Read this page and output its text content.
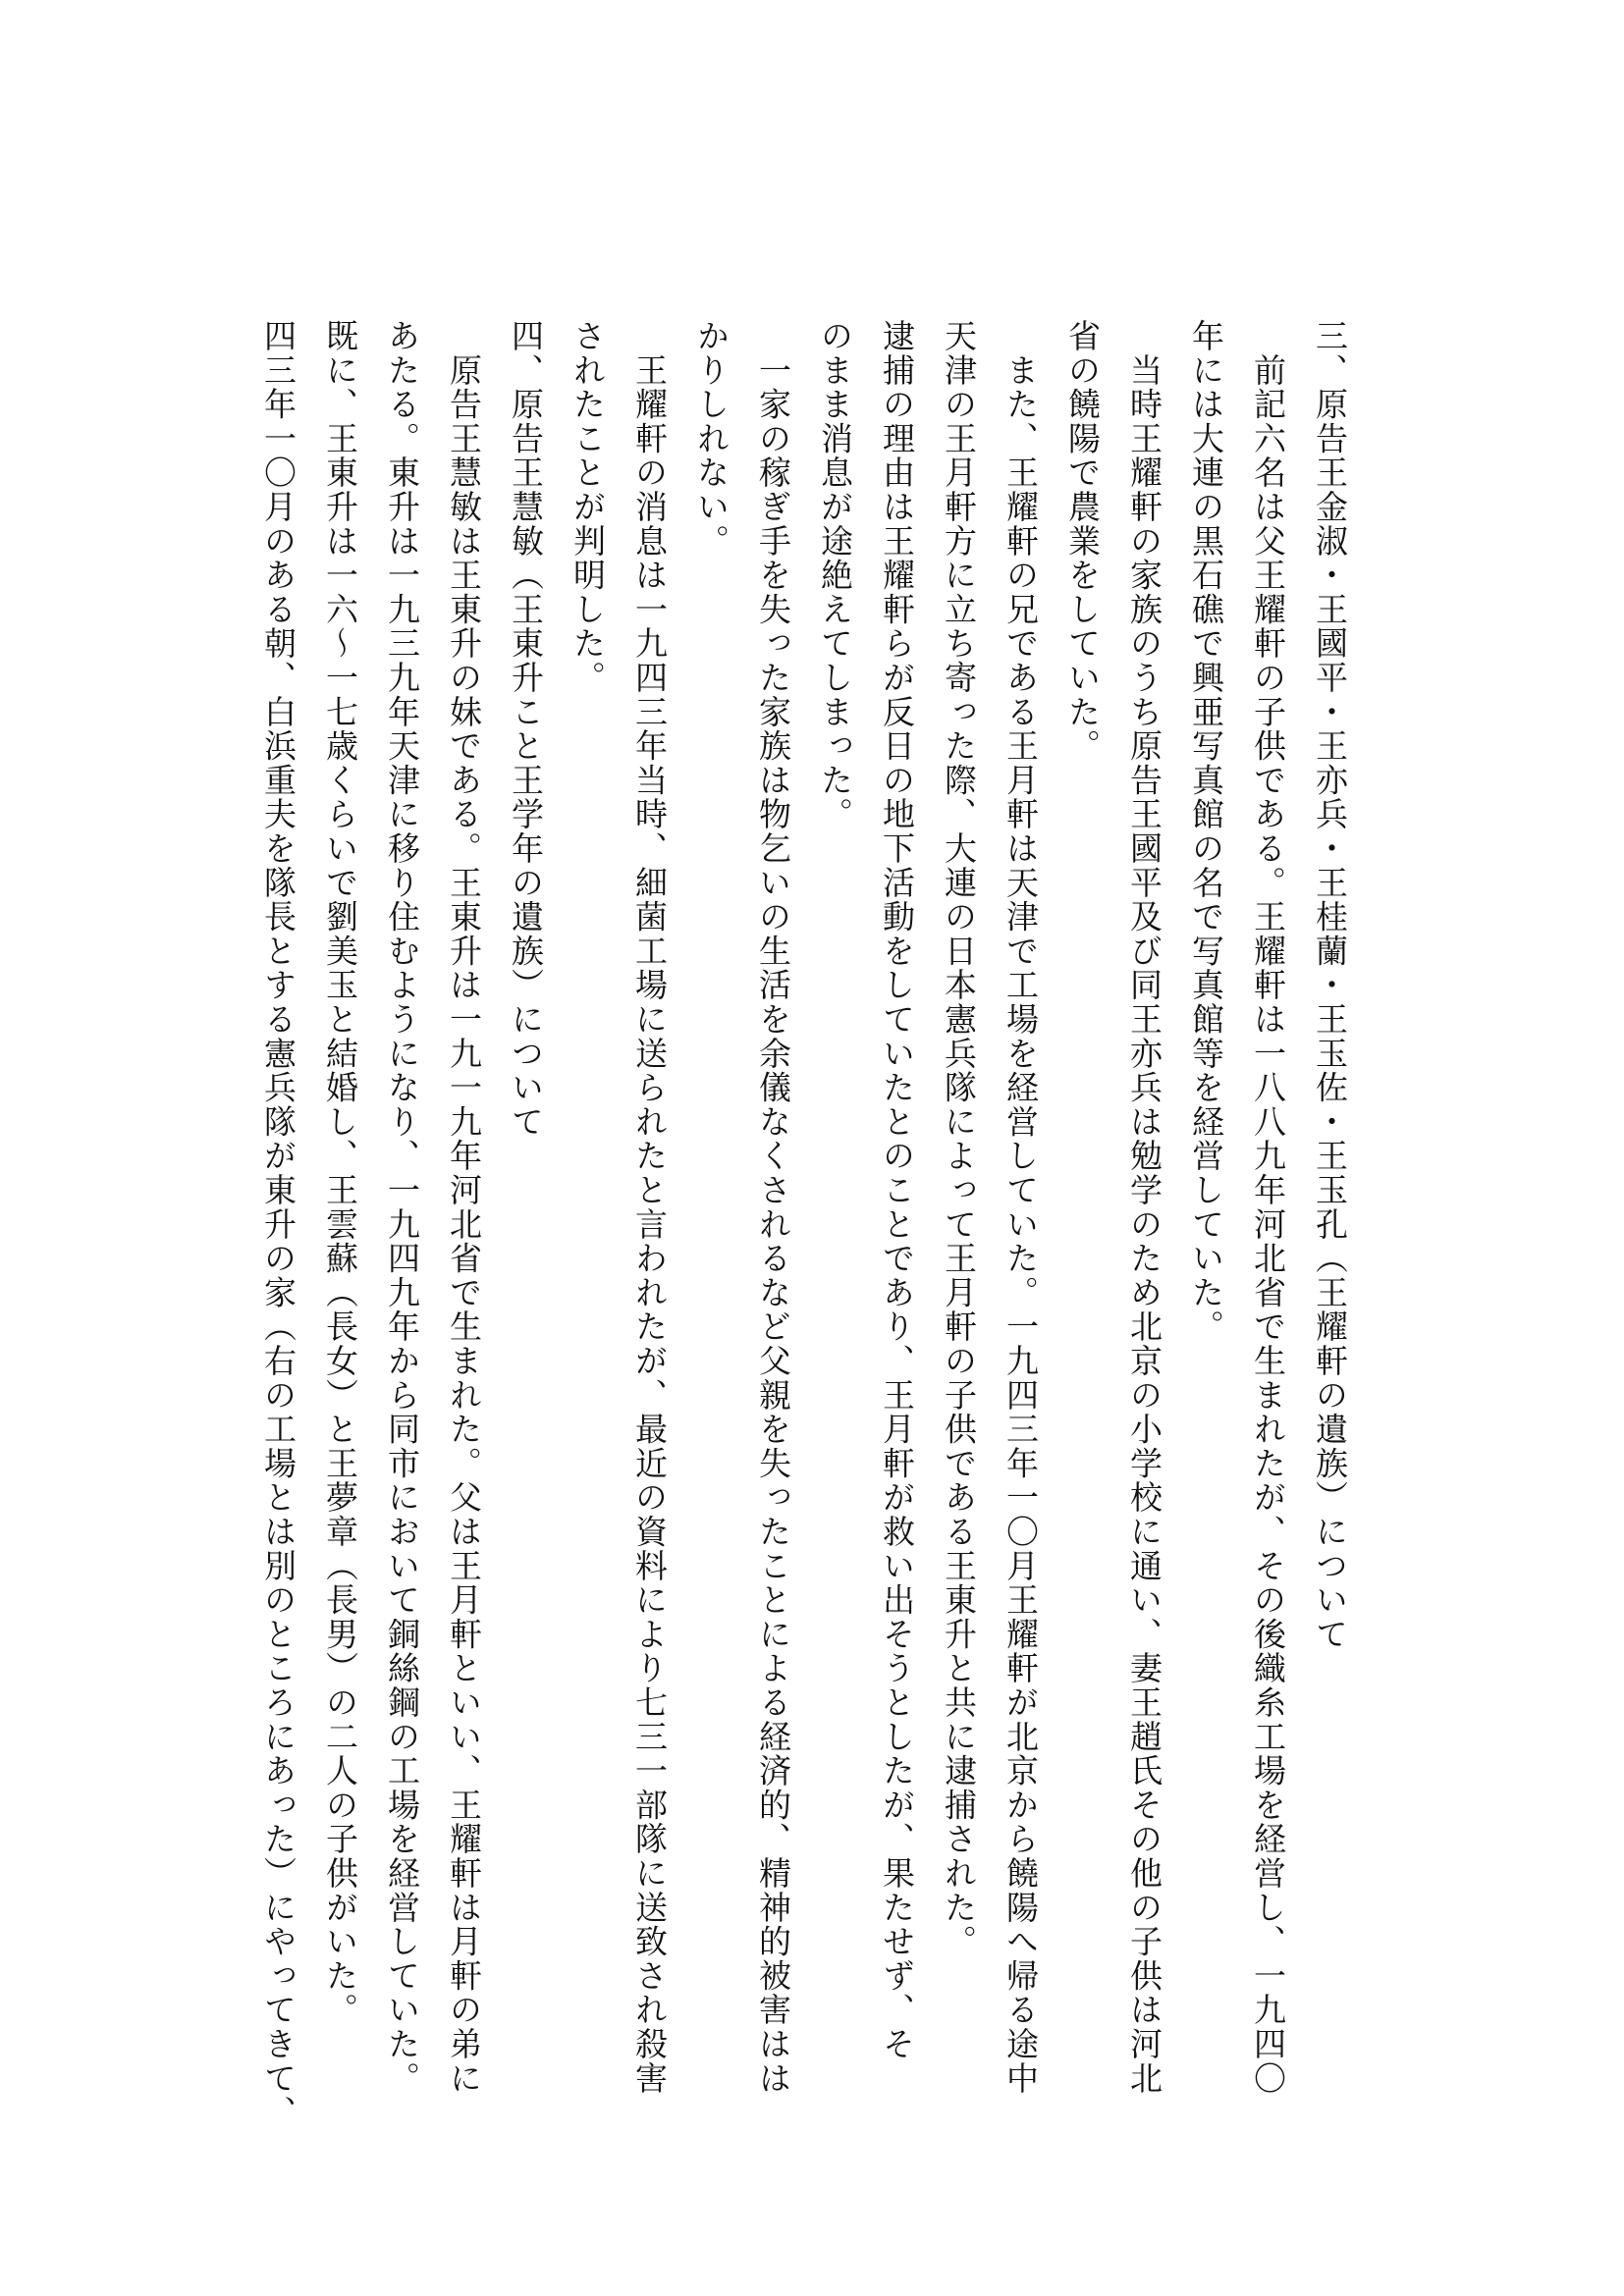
三、原告王金淑・王國平・王亦兵・王桂蘭・王玉佐・王玉孔（王耀軒の遺族）について

　前記六名は父王耀軒の子供である。王耀軒は一八八九年河北省で生まれたが、その後織糸工場を経営し、一九四〇

年には大連の黒石礁で興亜写真館の名で写真館等を経営していた。

　当時王耀軒の家族のうち原告王國平及び同王亦兵は勉学のため北京の小学校に通い、妻王趙氏その他の子供は河北

省の饒陽で農業をしていた。

　また、王耀軒の兄である王月軒は天津で工場を経営していた。一九四三年一〇月王耀軒が北京から饒陽へ帰る途中

天津の王月軒方に立ち寄った際、大連の日本憲兵隊によって王月軒の子供である王東升と共に逮捕された。

逮捕の理由は王耀軒らが反日の地下活動をしていたとのことであり、王月軒が救い出そうとしたが、果たせず、そ

のまま消息が途絶えてしまった。

　一家の稼ぎ手を失った家族は物乞いの生活を余儀なくされるなど父親を失ったことによる経済的、精神的被害はは

かりしれない。

　王耀軒の消息は一九四三年当時、細菌工場に送られたと言われたが、最近の資料により七三一部隊に送致され殺害

されたことが判明した。

四、原告王慧敏（王東升こと王学年の遺族）について

　原告王慧敏は王東升の妹である。王東升は一九一九年河北省で生まれた。父は王月軒といい、王耀軒は月軒の弟に

あたる。東升は一九三九年天津に移り住むようになり、一九四九年から同市において銅絲鋼の工場を経営していた。

既に、王東升は一六～一七歳くらいで劉美玉と結婚し、王雲蘇（長女）と王夢章（長男）の二人の子供がいた。

四三年一〇月のある朝、白浜重夫を隊長とする憲兵隊が東升の家（右の工場とは別のところにあった）にやってきて、
